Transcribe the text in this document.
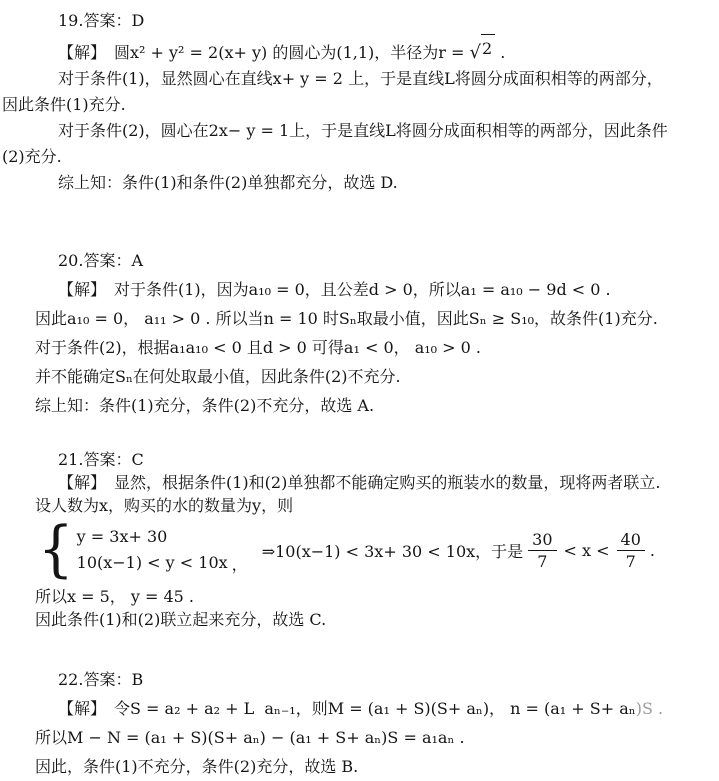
19.答案：D
【解】　圆x² + y² = 2(x+ y) 的圆心为(1,1)，半径为r = √ 2 .
对于条件(1)，显然圆心在直线x+ y = 2 上，于是直线L将圆分成面积相等的两部分，
因此条件(1)充分.
对于条件(2)，圆心在2x− y = 1上，于是直线L将圆分成面积相等的两部分，因此条件
(2)充分.
综上知：条件(1)和条件(2)单独都充分，故选 D.
20.答案：A
【解】　对于条件(1)，因为a₁₀ = 0，且公差d > 0，所以a₁ = a₁₀ − 9d < 0 .
因此a₁₀ = 0， a₁₁ > 0 . 所以当n = 10 时Sₙ取最小值，因此Sₙ ≥ S₁₀，故条件(1)充分.
对于条件(2)，根据a₁a₁₀ < 0 且d > 0 可得a₁ < 0， a₁₀ > 0 .
并不能确定Sₙ在何处取最小值，因此条件(2)不充分.
综上知：条件(1)充分，条件(2)不充分，故选 A.
21.答案：C
【解】　显然，根据条件(1)和(2)单独都不能确定购买的瓶装水的数量，现将两者联立.
设人数为x，购买的水的数量为y，则
{ y = 3x+ 30
10(x−1) < y < 10x ，
⇒10(x−1) < 3x+ 30 < 10x，于是 $\frac{30}{7} < x < \frac{40}{7}$ .
所以x = 5， y = 45 .
因此条件(1)和(2)联立起来充分，故选 C.
22.答案：B
【解】　令S = a₂ + a₂ + L  aₙ₋₁，则M = (a₁ + S)(S+ aₙ)， n = (a₁ + S+ aₙ)S .
所以M − N = (a₁ + S)(S+ aₙ) − (a₁ + S+ aₙ)S = a₁aₙ .
因此，条件(1)不充分，条件(2)充分，故选 B.
